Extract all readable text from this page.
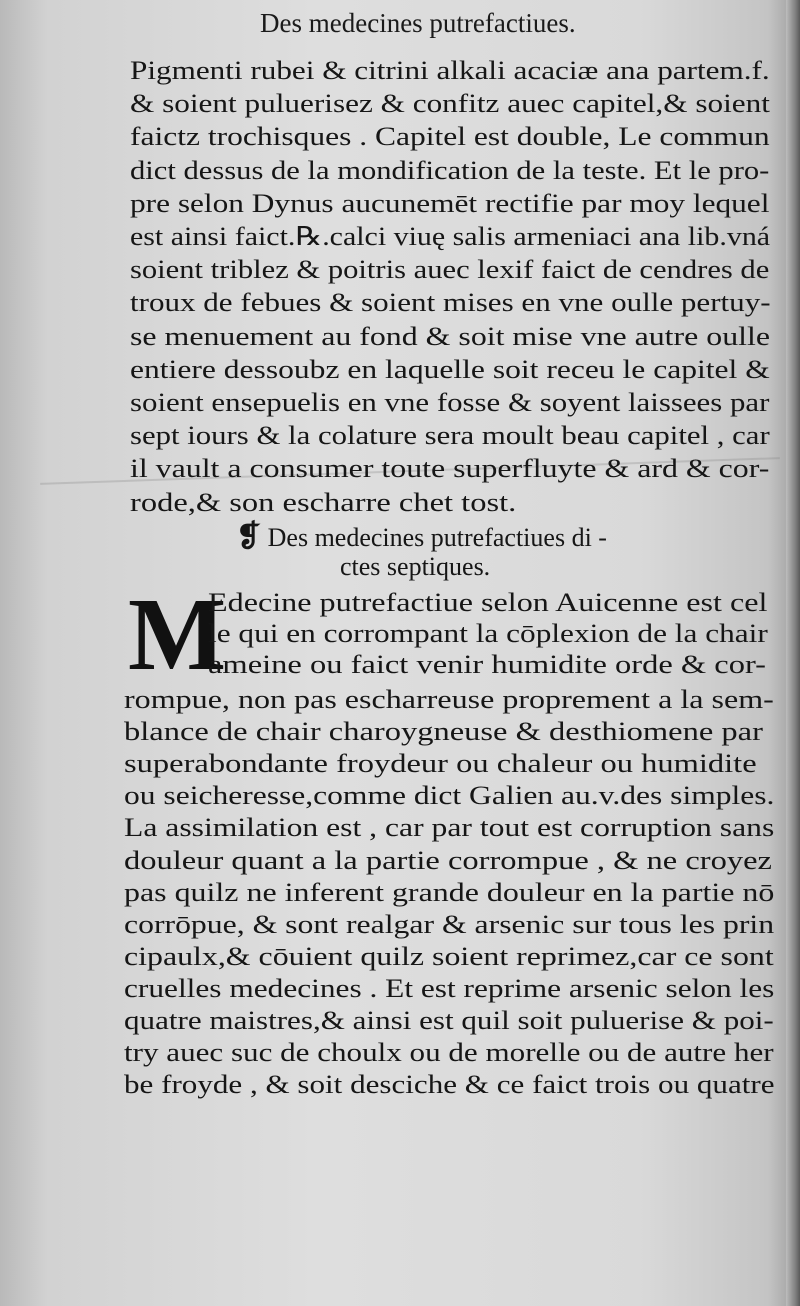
Des medecines putrefactiues.
Pigmenti rubei & citrini alkali acaciæ ana partem.f.
& soient puluerisez & confitz auec capitel,& soient
faictz trochisques . Capitel est double, Le commun
dict dessus de la mondification de la teste. Et le pro-
pre selon Dynus aucunemēt rectifie par moy lequel
est ainsi faict.℞.calci viuę salis armeniaci ana lib.vná
soient triblez & poitris auec lexif faict de cendres de
troux de febues & soient mises en vne oulle pertuy-
se menuement au fond & soit mise vne autre oulle
entiere dessoubz en laquelle soit receu le capitel &
soient ensepuelis en vne fosse & soyent laissees par
sept iours & la colature sera moult beau capitel , car
il vault a consumer toute superfluyte & ard & cor-
rode,& son escharre chet tost.
❡ Des medecines putrefactiues di -
ctes septiques.
M
Edecine putrefactiue selon Auicenne est cel
le qui en corrompant la cōplexion de la chair
ameine ou faict venir humidite orde & cor-
rompue, non pas escharreuse proprement a la sem-
blance de chair charoygneuse & desthiomene par
superabondante froydeur ou chaleur ou humidite
ou seicheresse,comme dict Galien au.v.des simples.
La assimilation est , car par tout est corruption sans
douleur quant a la partie corrompue , & ne croyez
pas quilz ne inferent grande douleur en la partie nō
corrōpue, & sont realgar & arsenic sur tous les prin
cipaulx,& cōuient quilz soient reprimez,car ce sont
cruelles medecines . Et est reprime arsenic selon les
quatre maistres,& ainsi est quil soit puluerise & poi-
try auec suc de choulx ou de morelle ou de autre her
be froyde , & soit desciche & ce faict trois ou quatre
